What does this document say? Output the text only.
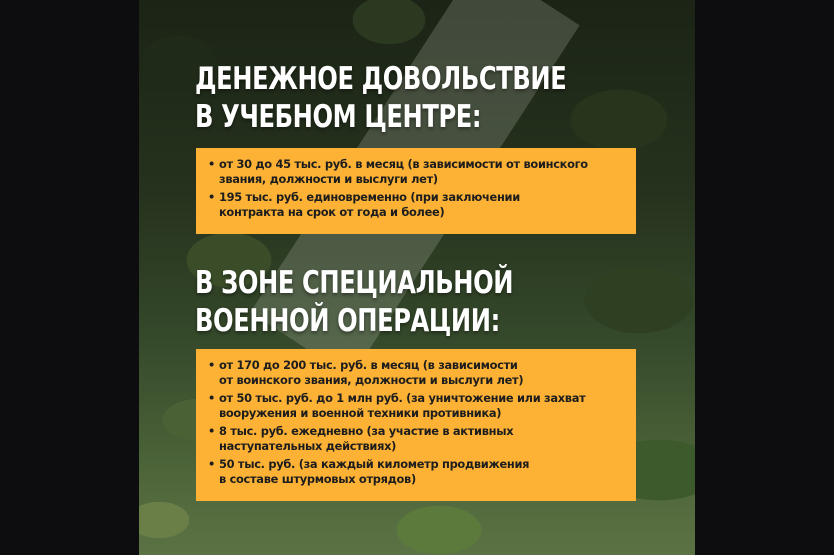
ДЕНЕЖНОЕ ДОВОЛЬСТВИЕ
В УЧЕБНОМ ЦЕНТРЕ:
• от 30 до 45 тыс. руб. в месяц (в зависимости от воинского
звания, должности и выслуги лет)
• 195 тыс. руб. единовременно (при заключении
контракта на срок от года и более)
В ЗОНЕ СПЕЦИАЛЬНОЙ
ВОЕННОЙ ОПЕРАЦИИ:
• от 170 до 200 тыс. руб. в месяц (в зависимости
от воинского звания, должности и выслуги лет)
• от 50 тыс. руб. до 1 млн руб. (за уничтожение или захват
вооружения и военной техники противника)
• 8 тыс. руб. ежедневно (за участие в активных
наступательных действиях)
• 50 тыс. руб. (за каждый километр продвижения
в составе штурмовых отрядов)
